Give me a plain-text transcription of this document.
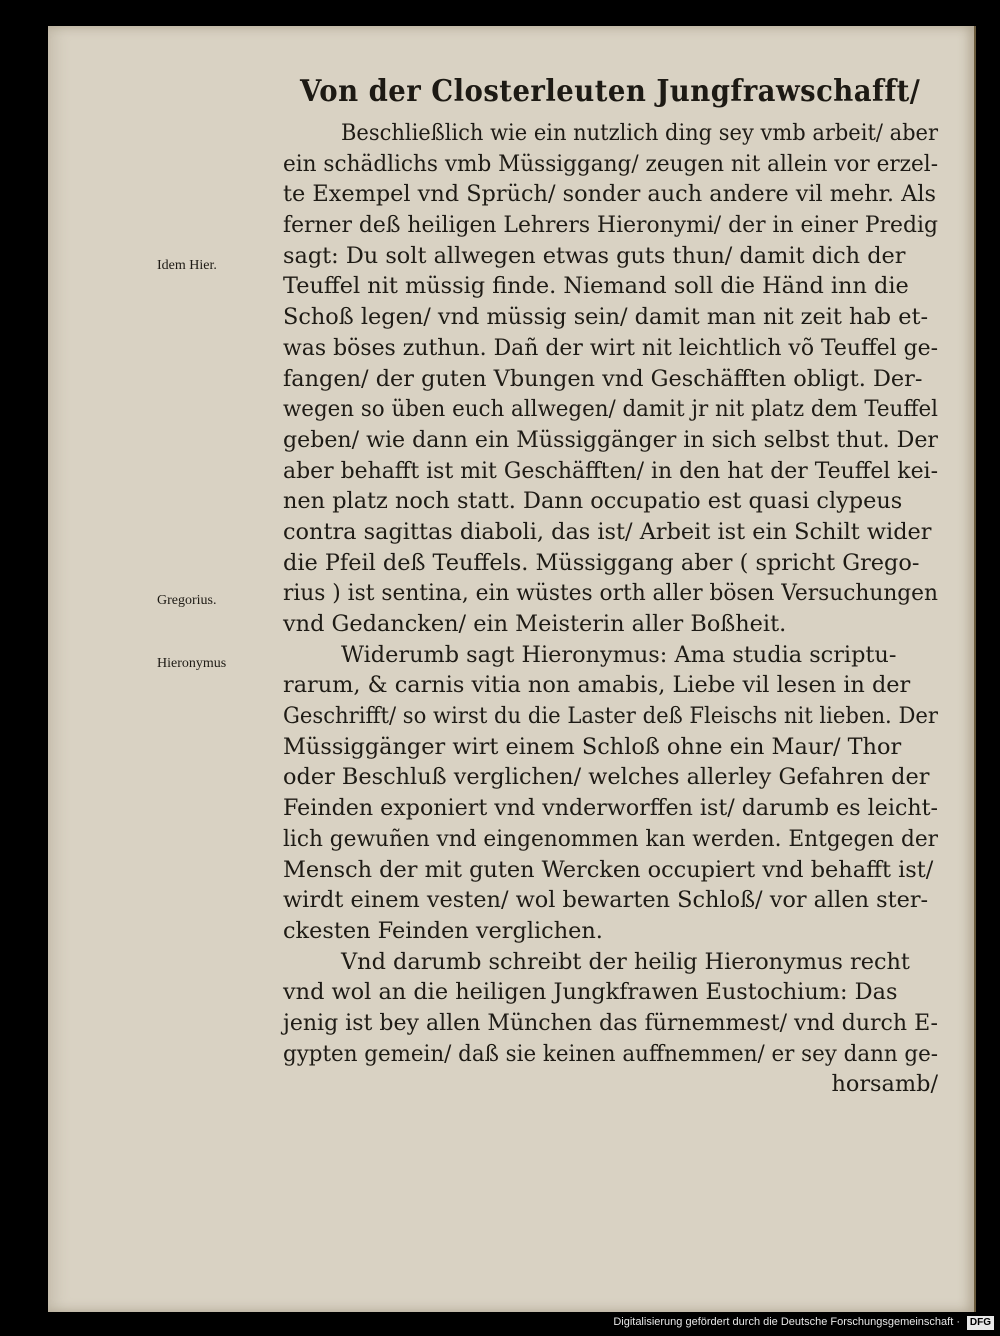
Von der Closterleuten Jungfrawschafft/
Idem Hier.
Gregorius.
Hieronymus
Beschließlich wie ein nutzlich ding sey vmb arbeit/ aber
ein schädlichs vmb Müssiggang/ zeugen nit allein vor erzel-
te Exempel vnd Sprüch/ sonder auch andere vil mehr. Als
ferner deß heiligen Lehrers Hieronymi/ der in einer Predig
sagt: Du solt allwegen etwas guts thun/ damit dich der
Teuffel nit müssig finde. Niemand soll die Händ inn die
Schoß legen/ vnd müssig sein/ damit man nit zeit hab et-
was böses zuthun. Dañ der wirt nit leichtlich võ Teuffel ge-
fangen/ der guten Vbungen vnd Geschäfften obligt. Der-
wegen so üben euch allwegen/ damit jr nit platz dem Teuffel
geben/ wie dann ein Müssiggänger in sich selbst thut. Der
aber behafft ist mit Geschäfften/ in den hat der Teuffel kei-
nen platz noch statt. Dann occupatio est quasi clypeus
contra sagittas diaboli, das ist/ Arbeit ist ein Schilt wider
die Pfeil deß Teuffels. Müssiggang aber ( spricht Grego-
rius ) ist sentina, ein wüstes orth aller bösen Versuchungen
vnd Gedancken/ ein Meisterin aller Boßheit.
Widerumb sagt Hieronymus: Ama studia scriptu-
rarum, & carnis vitia non amabis, Liebe vil lesen in der
Geschrifft/ so wirst du die Laster deß Fleischs nit lieben. Der
Müssiggänger wirt einem Schloß ohne ein Maur/ Thor
oder Beschluß verglichen/ welches allerley Gefahren der
Feinden exponiert vnd vnderworffen ist/ darumb es leicht-
lich gewuñen vnd eingenommen kan werden. Entgegen der
Mensch der mit guten Wercken occupiert vnd behafft ist/
wirdt einem vesten/ wol bewarten Schloß/ vor allen ster-
ckesten Feinden verglichen.
Vnd darumb schreibt der heilig Hieronymus recht
vnd wol an die heiligen Jungkfrawen Eustochium: Das
jenig ist bey allen München das fürnemmest/ vnd durch E-
gypten gemein/ daß sie keinen auffnemmen/ er sey dann ge-
horsamb/
Digitalisierung gefördert durch die Deutsche Forschungsgemeinschaft · DFG
